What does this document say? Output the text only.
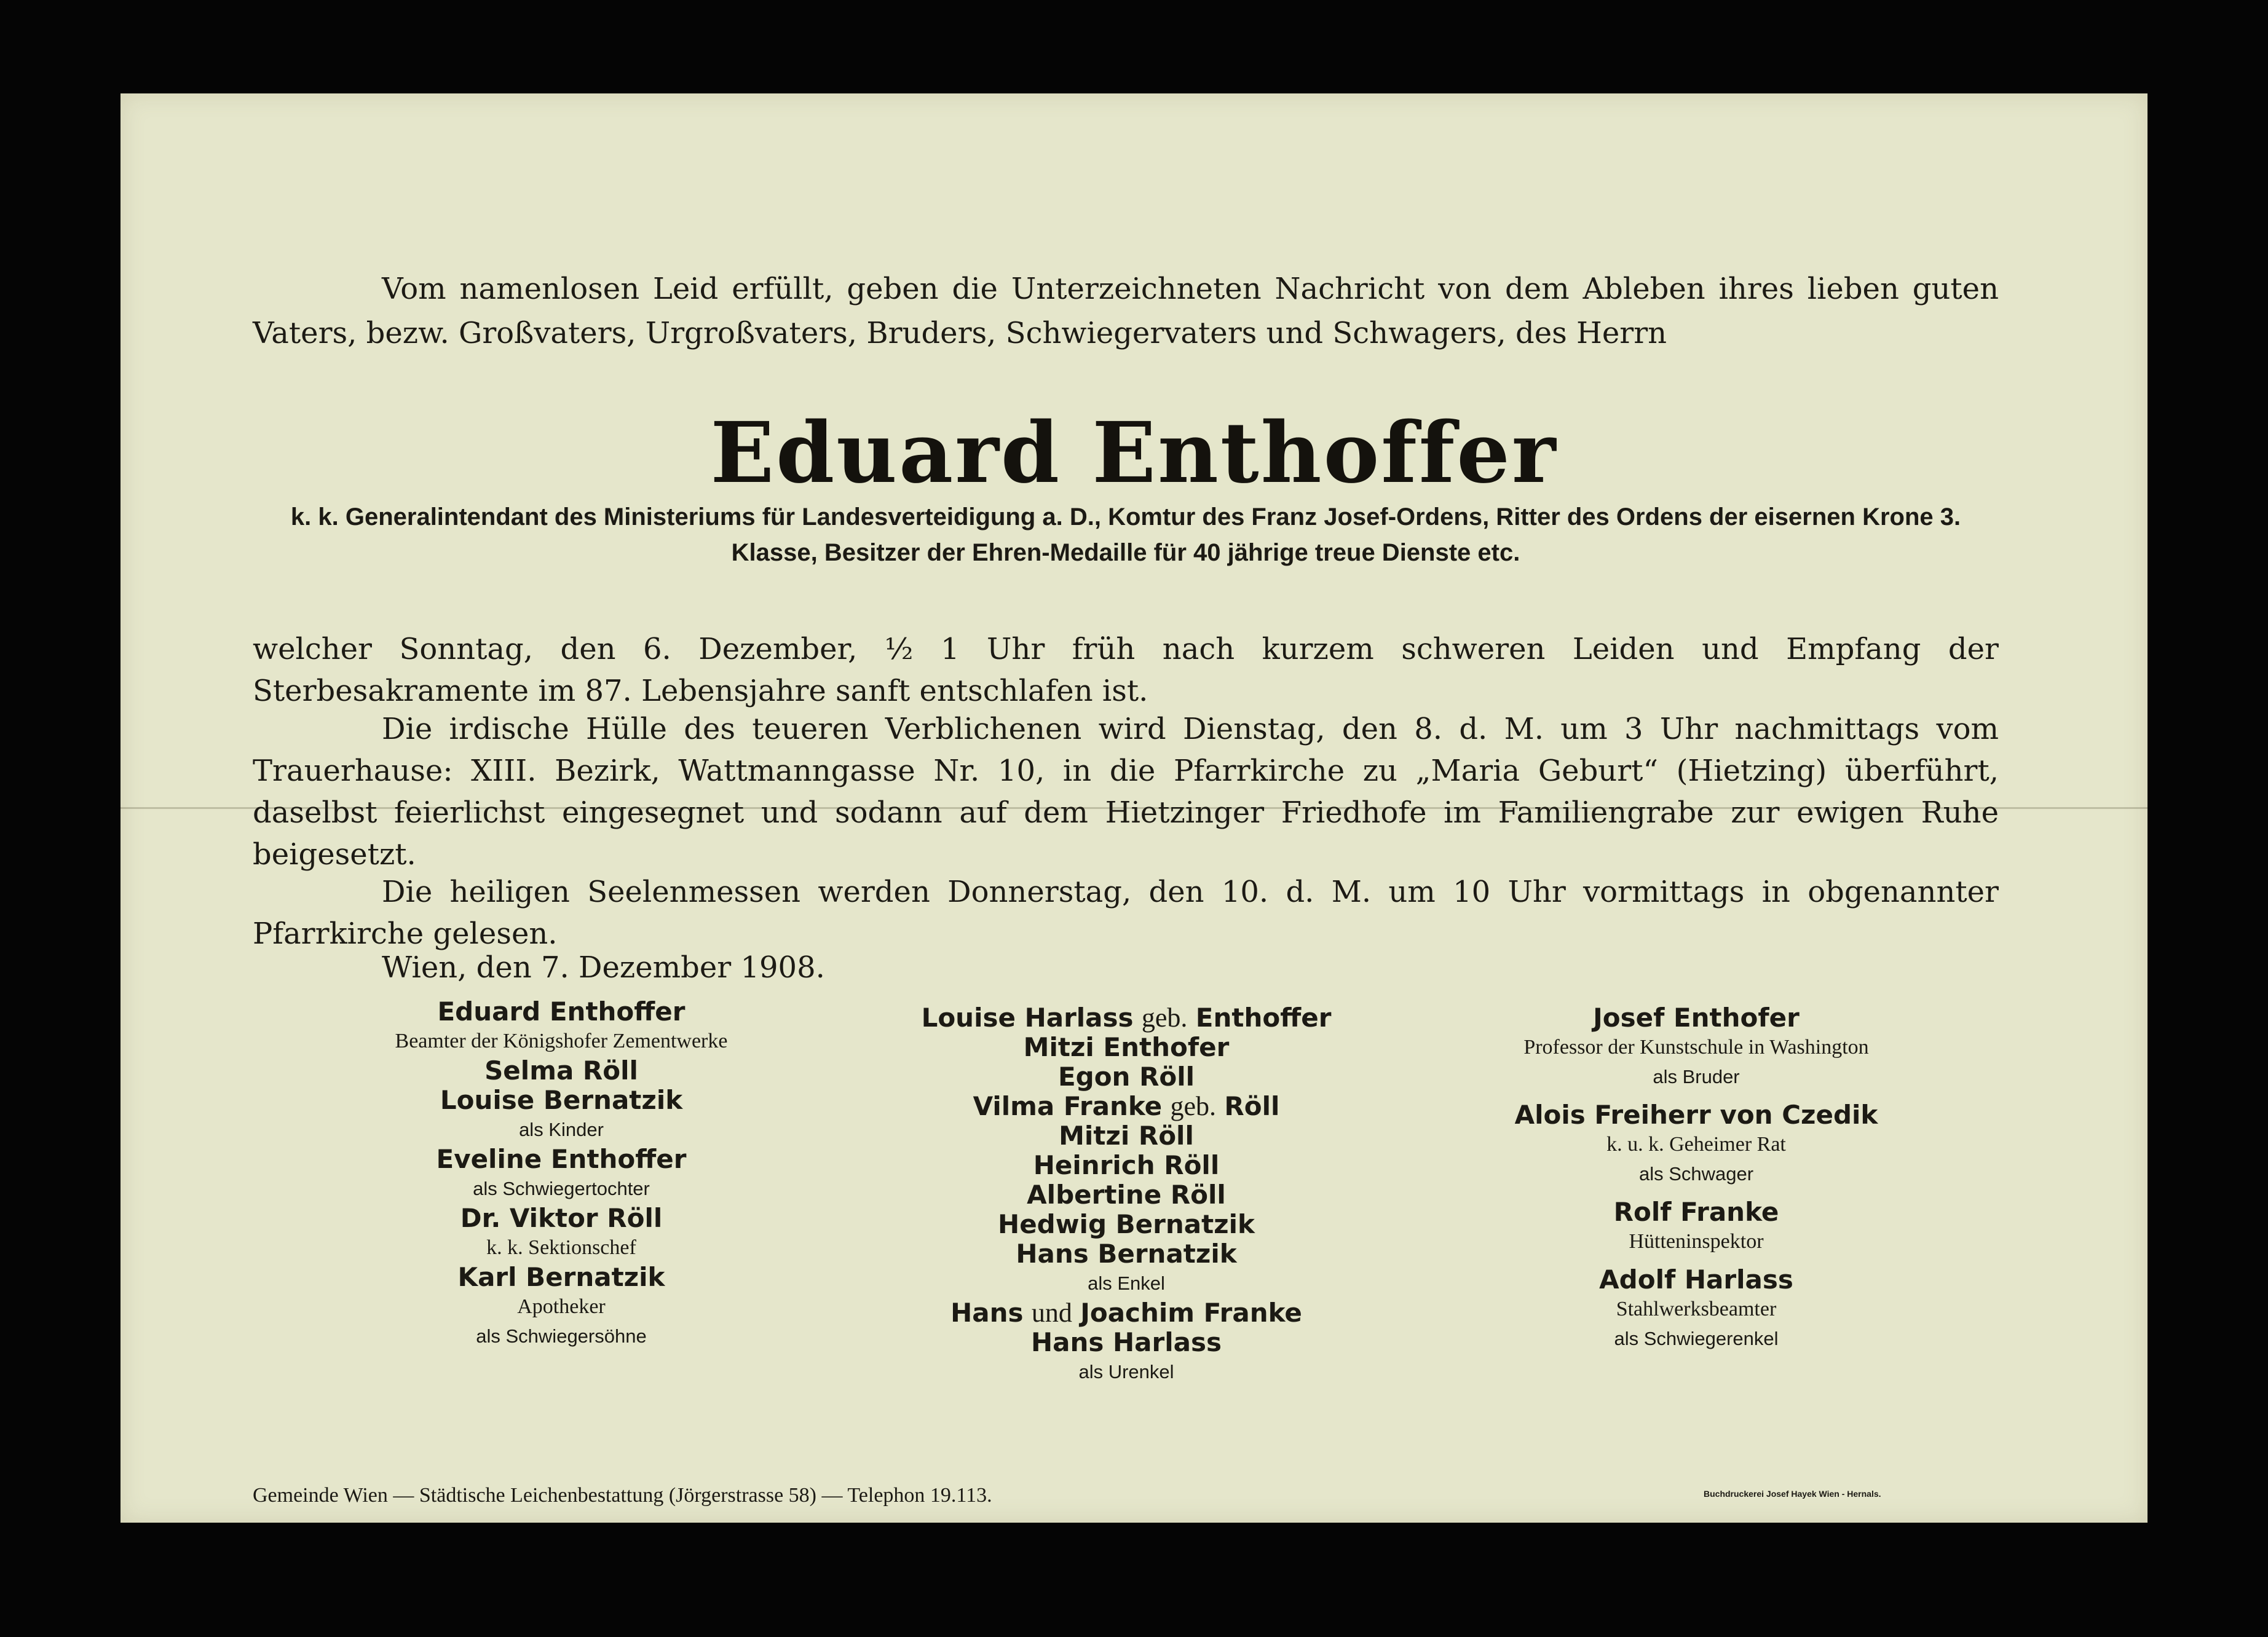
Vom namenlosen Leid erfüllt, geben die Unterzeichneten Nachricht von dem Ableben ihres lieben guten Vaters, bezw. Großvaters, Urgroßvaters, Bruders, Schwiegervaters und Schwagers, des Herrn

Eduard Enthoffer
k. k. Generalintendant des Ministeriums für Landesverteidigung a. D., Komtur des Franz Josef-Ordens, Ritter des Ordens der eisernen Krone 3. Klasse, Besitzer der Ehren-Medaille für 40 jährige treue Dienste etc.
welcher Sonntag, den 6. Dezember, ½ 1 Uhr früh nach kurzem schweren Leiden und Empfang der Sterbesakramente im 87. Lebensjahre sanft entschlafen ist.
Die irdische Hülle des teueren Verblichenen wird Dienstag, den 8. d. M. um 3 Uhr nachmittags vom Trauerhause: XIII. Bezirk, Wattmanngasse Nr. 10, in die Pfarrkirche zu „Maria Geburt“ (Hietzing) überführt, daselbst feierlichst eingesegnet und sodann auf dem Hietzinger Friedhofe im Familiengrabe zur ewigen Ruhe beigesetzt.
Die heiligen Seelenmessen werden Donnerstag, den 10. d. M. um 10 Uhr vormittags in obgenannter Pfarrkirche gelesen.
Wien, den 7. Dezember 1908.

Eduard Enthoffer

Beamter der Königshofer Zementwerke

Selma Röll

Louise Bernatzik

als Kinder

Eveline Enthoffer

als Schwiegertochter

Dr. Viktor Röll

k. k. Sektionschef

Karl Bernatzik

Apotheker

als Schwiegersöhne

Louise Harlass geb. Enthoffer

Mitzi Enthofer

Egon Röll

Vilma Franke geb. Röll

Mitzi Röll

Heinrich Röll

Albertine Röll

Hedwig Bernatzik

Hans Bernatzik

als Enkel

Hans und Joachim Franke

Hans Harlass

als Urenkel

Josef Enthofer

Professor der Kunstschule in Washington

als Bruder

Alois Freiherr von Czedik

k. u. k. Geheimer Rat

als Schwager

Rolf Franke

Hütteninspektor

Adolf Harlass

Stahlwerksbeamter

als Schwiegerenkel

Gemeinde Wien — Städtische Leichenbestattung (Jörgerstrasse 58) — Telephon 19.113.	Buchdruckerei Josef Hayek Wien - Hernals.
